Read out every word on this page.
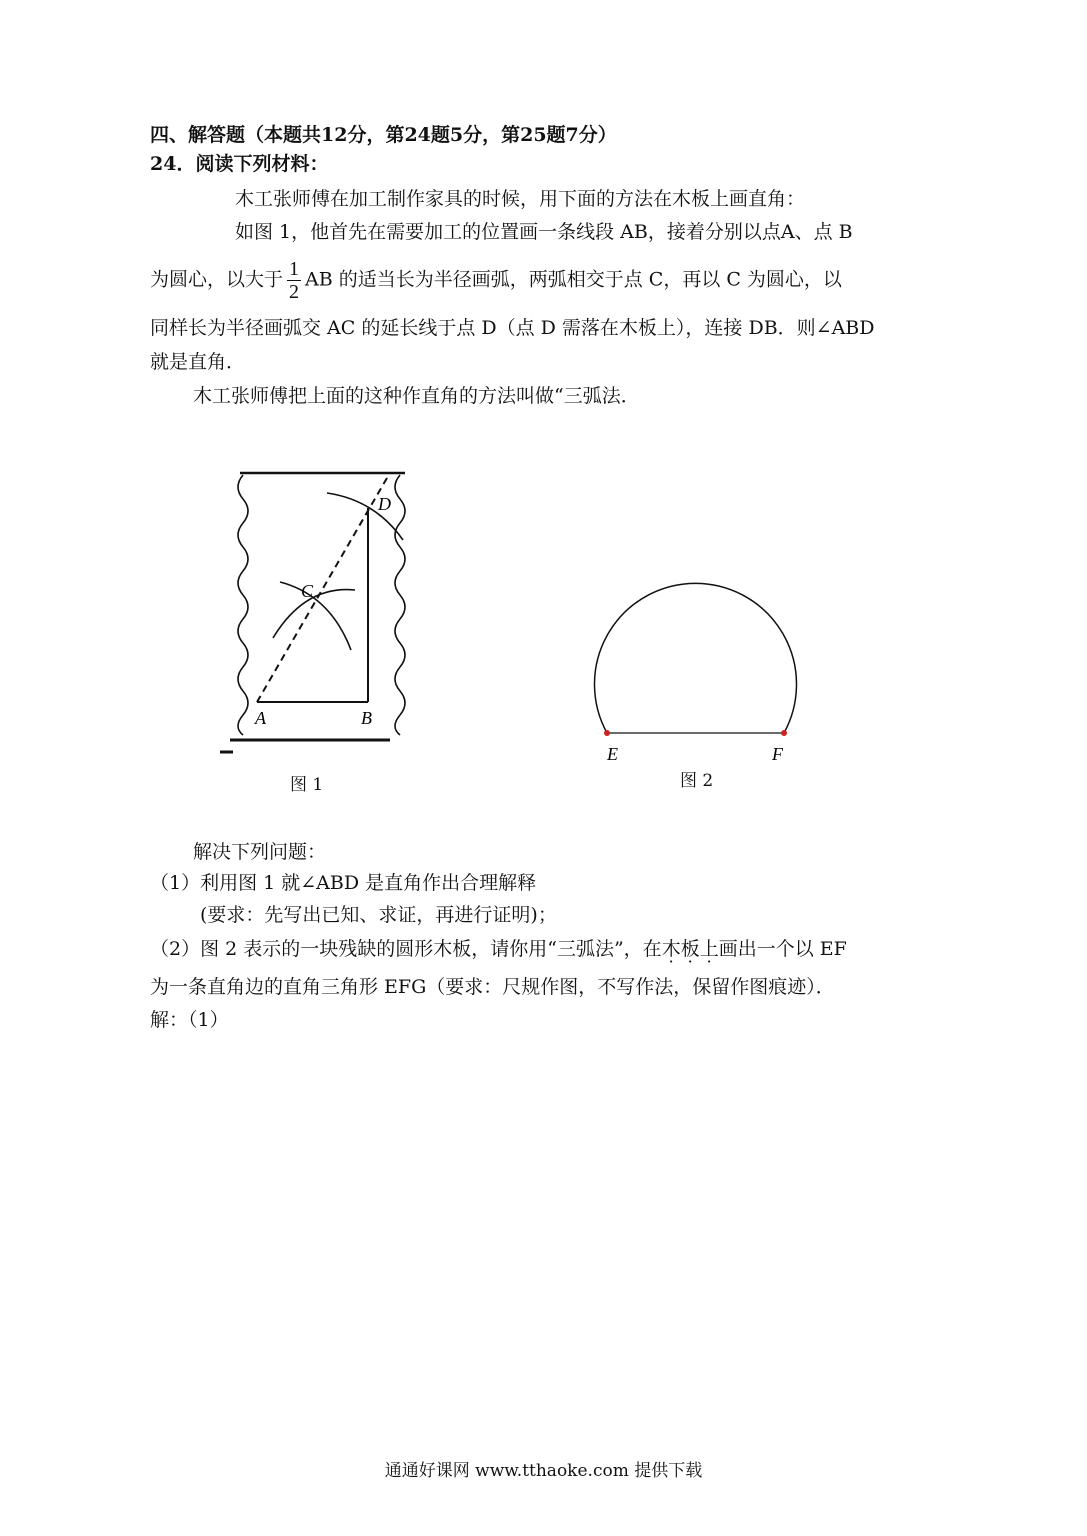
四、解答题（本题共12分，第24题5分，第25题7分）
24．阅读下列材料：
木工张师傅在加工制作家具的时候，用下面的方法在木板上画直角：
如图 1，他首先在需要加工的位置画一条线段 AB，接着分别以点A、点 B
为圆心，以大于 $\frac{1}{2}$ AB 的适当长为半径画弧，两弧相交于点 C，再以 C 为圆心，以
同样长为半径画弧交 AC 的延长线于点 D（点 D 需落在木板上），连接 DB．则∠ABD
就是直角．
木工张师傅把上面的这种作直角的方法叫做“三弧法．
A	B
C
D
图 1
E	F
图 2
解决下列问题：
（1）利用图 1 就∠ABD 是直角作出合理解释
(要求：先写出已知、求证，再进行证明)；
（2）图 2 表示的一块残缺的圆形木板，请你用“三弧法”，在木板上画出一个以 EF
为一条直角边的直角三角形 EFG（要求：尺规作图，不写作法，保留作图痕迹）．
解：（1）
通通好课网 www.tthaoke.com 提供下载
